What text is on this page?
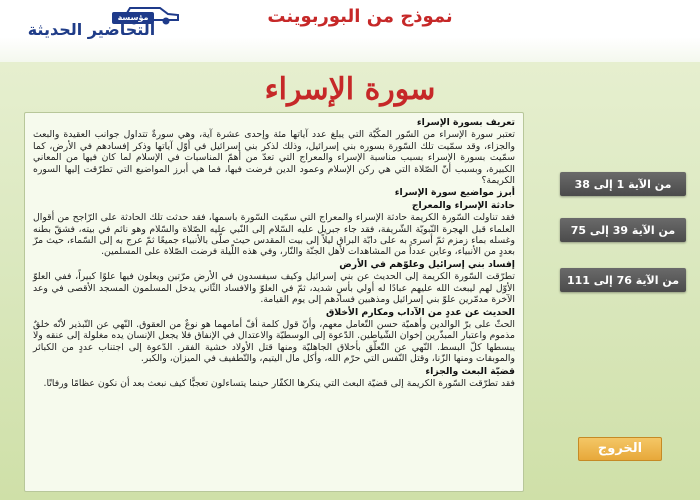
مؤسسة
التحاضير الحديثة
نموذج من البوربوينت
سورة الإسراء

تعريف بسورة الإسراء

تعتبر سورة الإسراء من السّور المكّيّة التي يبلغ عدد آياتها مئة وإحدى عشرة آية، وهي سورةٌ تتداول جوانب العقيدة والبعث والجزاء، وقد سمّيت تلك السّورة بسوره بني إسرائيل، وذلك لذكر بني إسرائيل في أوّل آياتها وذكر إفسادهم في الأرض، كما سمّيت بسورة الإسراء بسبب مناسبة الإسراء والمعراج التي تعدّ من أهمّ المناسبات في الإسلام لما كان فيها من المعاني الكبيرة، وبسبب أنّ الصّلاة التي هي ركن الإسلام وعمود الدين فرضت فيها، فما هي أبرز المواضيع التي تطرّقت إليها السوره الكريمة؟

أبرز مواضيع سورة الإسراء

حادثة الإسراء والمعراج

فقد تناولت السّورة الكريمة حادثة الإسراء والمعراج التي سمّيت السّورة باسمها، فقد حدثت تلك الحادثة على الرّاجح من أقوال العلماء قبل الهجرة النّبويّة الشّريفة، فقد جاء جبريل عليه السّلام إلى النّبي عليه الصّلاة والسّلام وهو نائم في بيته، فشقّ بطنه وغسله بماء زمزم ثمّ أسرى به على دابّة البراق ليلاً إلى بيت المقدس حيث صلّى بالأنبياء جميعًا ثمّ عرج به إلى السّماء، حيث مرّ بعددٍ من الأنبياء، وعاين عدداً من المشاهدات لأهل الجنّة والنّار، وفي هذه اللّيلة فرضت الصّلاة على المسلمين.

إفساد بني إسرائيل وعلوّهم في الأرض

تطرّقت السّورة الكريمة إلى الحديث عن بني إسرائيل وكيف سيفسدون في الأرض مرّتين ويعلون فيها علوًا كبيراً، ففي العلوّ الأوّل لهم ليبعث الله عليهم عبادًا له أولي بأسٍ شديد، ثمّ في العلوّ والافساد الثّاني يدخل المسلمون المسجد الأقصى في وعد الآخرة مدمّرين علوّ بني إسرائيل ومذهبين فسادهم إلى يوم القيامة.

الحديث عن عددٍ من الآداب ومكارم الأخلاق

الحثّ على برّ الوالدين وأهميّة حسن التّعامل معهم، وأنّ قول كلمة أفّ أمامهما هو نوعٌ من العقوق. النّهي عن التّبذير لأنّه خلقٌ مذموم واعتبار المبذّرين إخوان الشّياطين. الدّعوة إلى الوسطيّة والاعتدال في الإنفاق فلا يجعل الإنسان يده مغلولة إلى عنقه ولا يبسطها كلّ البسط. النّهي عن التّعلّق بأخلاق الجاهليّة ومنها قتل الأولاد خشية الفقر. الدّعوة إلى اجتناب عددٍ من الكبائر والموبقات ومنها الزّنا، وقتل النّفس التي حرّم الله، وأكل مال اليتيم، والتّطفيف في الميزان، والكبر.

قضيّة البعث والجزاء

فقد تطرّقت السّورة الكريمة إلى قضيّة البعث التي ينكرها الكفّار حينما يتساءلون تعجبًّا كيف نبعث بعد أن نكون عظامًا ورفاتًا.

من الآية 1 إلى 38
من الآية 39 إلى 75
من الآية 76 إلى 111
الخروج
